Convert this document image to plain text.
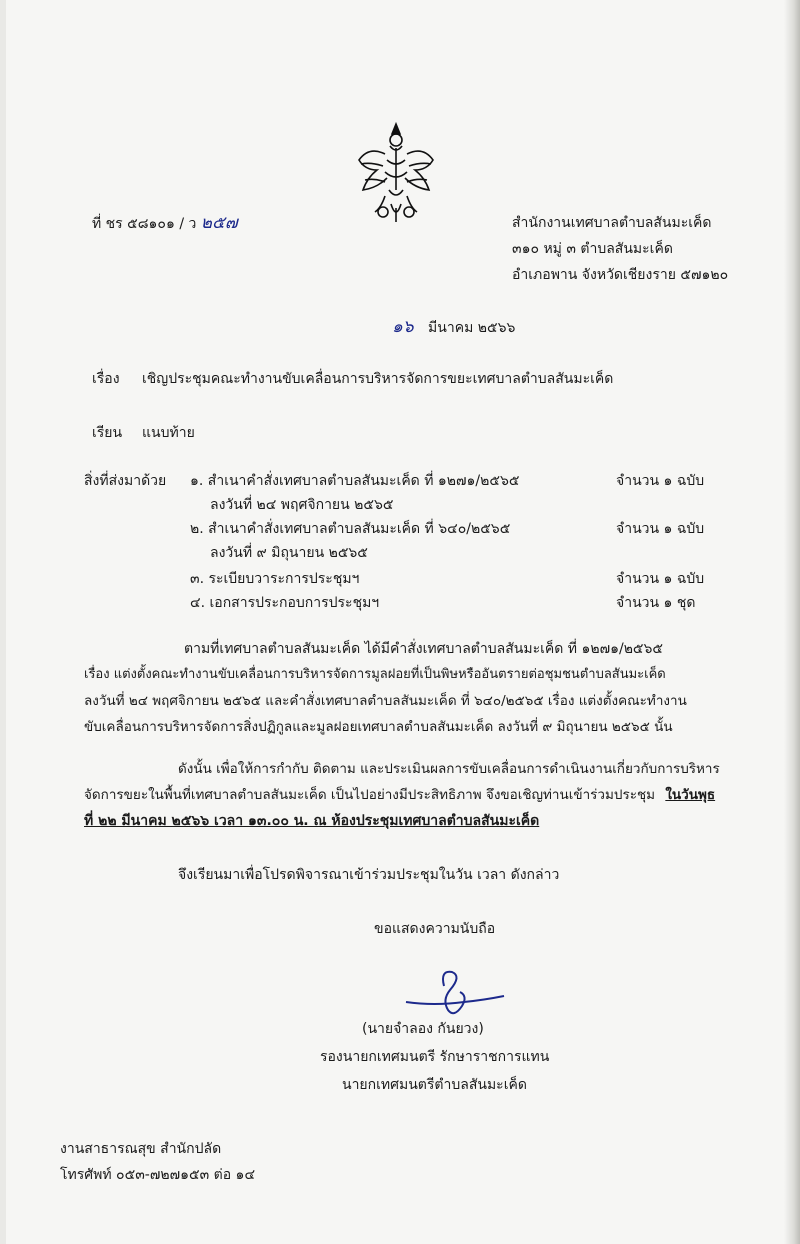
ที่ ชร ๕๘๑๐๑ / ว ๒๕๗	สำนักงานเทศบาลตำบลสันมะเค็ด
๓๑๐ หมู่ ๓ ตำบลสันมะเค็ด
อำเภอพาน จังหวัดเชียงราย ๕๗๑๒๐
๑๖ มีนาคม ๒๕๖๖
เรื่อง เชิญประชุมคณะทำงานขับเคลื่อนการบริหารจัดการขยะเทศบาลตำบลสันมะเค็ด
เรียน แนบท้าย
สิ่งที่ส่งมาด้วย ๑. สำเนาคำสั่งเทศบาลตำบลสันมะเค็ด ที่ ๑๒๗๑/๒๕๖๕	จำนวน ๑ ฉบับ
ลงวันที่ ๒๔ พฤศจิกายน ๒๕๖๕
๒. สำเนาคำสั่งเทศบาลตำบลสันมะเค็ด ที่ ๖๔๐/๒๕๖๕	จำนวน ๑ ฉบับ
ลงวันที่ ๙ มิถุนายน ๒๕๖๕
๓. ระเบียบวาระการประชุมฯ	จำนวน ๑ ฉบับ
๔. เอกสารประกอบการประชุมฯ	จำนวน ๑ ชุด
ตามที่เทศบาลตำบลสันมะเค็ด ได้มีคำสั่งเทศบาลตำบลสันมะเค็ด ที่ ๑๒๗๑/๒๕๖๕
เรื่อง แต่งตั้งคณะทำงานขับเคลื่อนการบริหารจัดการมูลฝอยที่เป็นพิษหรืออันตรายต่อชุมชนตำบลสันมะเค็ด
ลงวันที่ ๒๔ พฤศจิกายน ๒๕๖๕ และคำสั่งเทศบาลตำบลสันมะเค็ด ที่ ๖๔๐/๒๕๖๕ เรื่อง แต่งตั้งคณะทำงาน
ขับเคลื่อนการบริหารจัดการสิ่งปฏิกูลและมูลฝอยเทศบาลตำบลสันมะเค็ด ลงวันที่ ๙ มิถุนายน ๒๕๖๕ นั้น
ดังนั้น เพื่อให้การกำกับ ติดตาม และประเมินผลการขับเคลื่อนการดำเนินงานเกี่ยวกับการบริหาร
จัดการขยะในพื้นที่เทศบาลตำบลสันมะเค็ด เป็นไปอย่างมีประสิทธิภาพ จึงขอเชิญท่านเข้าร่วมประชุม ในวันพุธ
ที่ ๒๒ มีนาคม ๒๕๖๖ เวลา ๑๓.๐๐ น. ณ ห้องประชุมเทศบาลตำบลสันมะเค็ด
จึงเรียนมาเพื่อโปรดพิจารณาเข้าร่วมประชุมในวัน เวลา ดังกล่าว
ขอแสดงความนับถือ
(นายจำลอง กันยวง)
รองนายกเทศมนตรี รักษาราชการแทน
นายกเทศมนตรีตำบลสันมะเค็ด
งานสาธารณสุข สำนักปลัด
โทรศัพท์ ๐๕๓-๗๒๗๑๕๓ ต่อ ๑๔
